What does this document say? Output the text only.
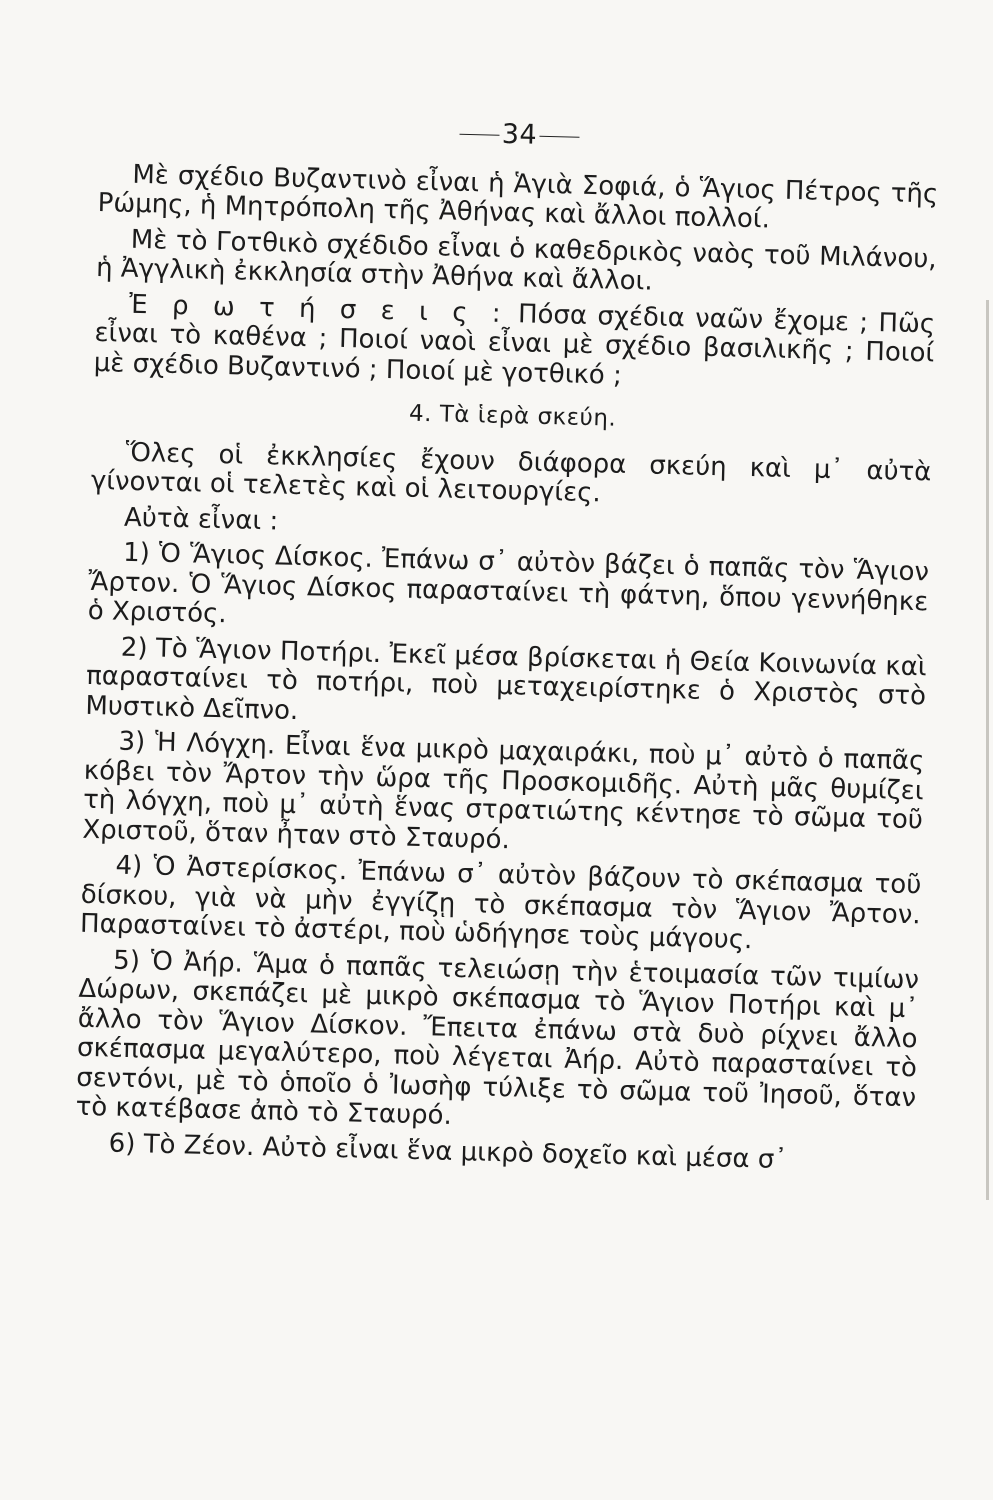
34

Μὲ σχέδιο Βυζαντινὸ εἶναι ἡ Ἁγιὰ Σοφιά, ὁ Ἅγιος Πέτρος τῆς Ρώμης, ἡ Μητρόπολη τῆς Ἀθήνας καὶ ἄλλοι πολλοί.

Μὲ τὸ Γοτθικὸ σχέδιδο εἶναι ὁ καθεδρικὸς ναὸς τοῦ Μιλάνου, ἡ Ἀγγλικὴ ἐκκλησία στὴν Ἀθήνα καὶ ἄλλοι.

Ἐ ρ ω τ ή σ ε ι ς : Πόσα σχέδια ναῶν ἔχομε ; Πῶς εἶναι τὸ καθένα ; Ποιοί ναοὶ εἶναι μὲ σχέδιο βασιλικῆς ; Ποιοί μὲ σχέδιο Βυζαντινό ; Ποιοί μὲ γοτθικό ;

4. Τὰ ἱερὰ σκεύη.

Ὅλες οἱ ἐκκλησίες ἔχουν διάφορα σκεύη καὶ μ᾽ αὐτὰ γίνονται οἱ τελετὲς καὶ οἱ λειτουργίες.

Αὐτὰ εἶναι :

1) Ὁ Ἅγιος Δίσκος. Ἐπάνω σ᾽ αὐτὸν βάζει ὁ παπᾶς τὸν Ἅγιον Ἄρτον. Ὁ Ἅγιος Δίσκος παρασταίνει τὴ φάτνη, ὅπου γεννήθηκε ὁ Χριστός.

2) Τὸ Ἅγιον Ποτήρι. Ἐκεῖ μέσα βρίσκεται ἡ Θεία Κοινωνία καὶ παρασταίνει τὸ ποτήρι, ποὺ μεταχειρίστηκε ὁ Χριστὸς στὸ Μυστικὸ Δεῖπνο.

3) Ἡ Λόγχη. Εἶναι ἕνα μικρὸ μαχαιράκι, ποὺ μ᾽ αὐτὸ ὁ παπᾶς κόβει τὸν Ἄρτον τὴν ὥρα τῆς Προσκομιδῆς. Αὐτὴ μᾶς θυμίζει τὴ λόγχη, ποὺ μ᾽ αὐτὴ ἕνας στρατιώτης κέντησε τὸ σῶμα τοῦ Χριστοῦ, ὅταν ἦταν στὸ Σταυρό.

4) Ὁ Ἀστερίσκος. Ἐπάνω σ᾽ αὐτὸν βάζουν τὸ σκέπασμα τοῦ δίσκου, γιὰ νὰ μὴν ἐγγίζῃ τὸ σκέπασμα τὸν Ἅγιον Ἄρτον. Παρασταίνει τὸ ἀστέρι, ποὺ ὡδήγησε τοὺς μάγους.

5) Ὁ Ἀήρ. Ἅμα ὁ παπᾶς τελειώσῃ τὴν ἑτοιμασία τῶν τιμίων Δώρων, σκεπάζει μὲ μικρὸ σκέπασμα τὸ Ἅγιον Ποτήρι καὶ μ᾽ ἄλλο τὸν Ἅγιον Δίσκον. Ἔπειτα ἐπάνω στὰ δυὸ ρίχνει ἄλλο σκέπασμα μεγαλύτερο, ποὺ λέγεται Ἀήρ. Αὐτὸ παρασταίνει τὸ σεντόνι, μὲ τὸ ὁποῖο ὁ Ἰωσὴφ τύλιξε τὸ σῶμα τοῦ Ἰησοῦ, ὅταν τὸ κατέβασε ἀπὸ τὸ Σταυρό.

6) Τὸ Ζέον. Αὐτὸ εἶναι ἕνα μικρὸ δοχεῖο καὶ μέσα σ᾽
